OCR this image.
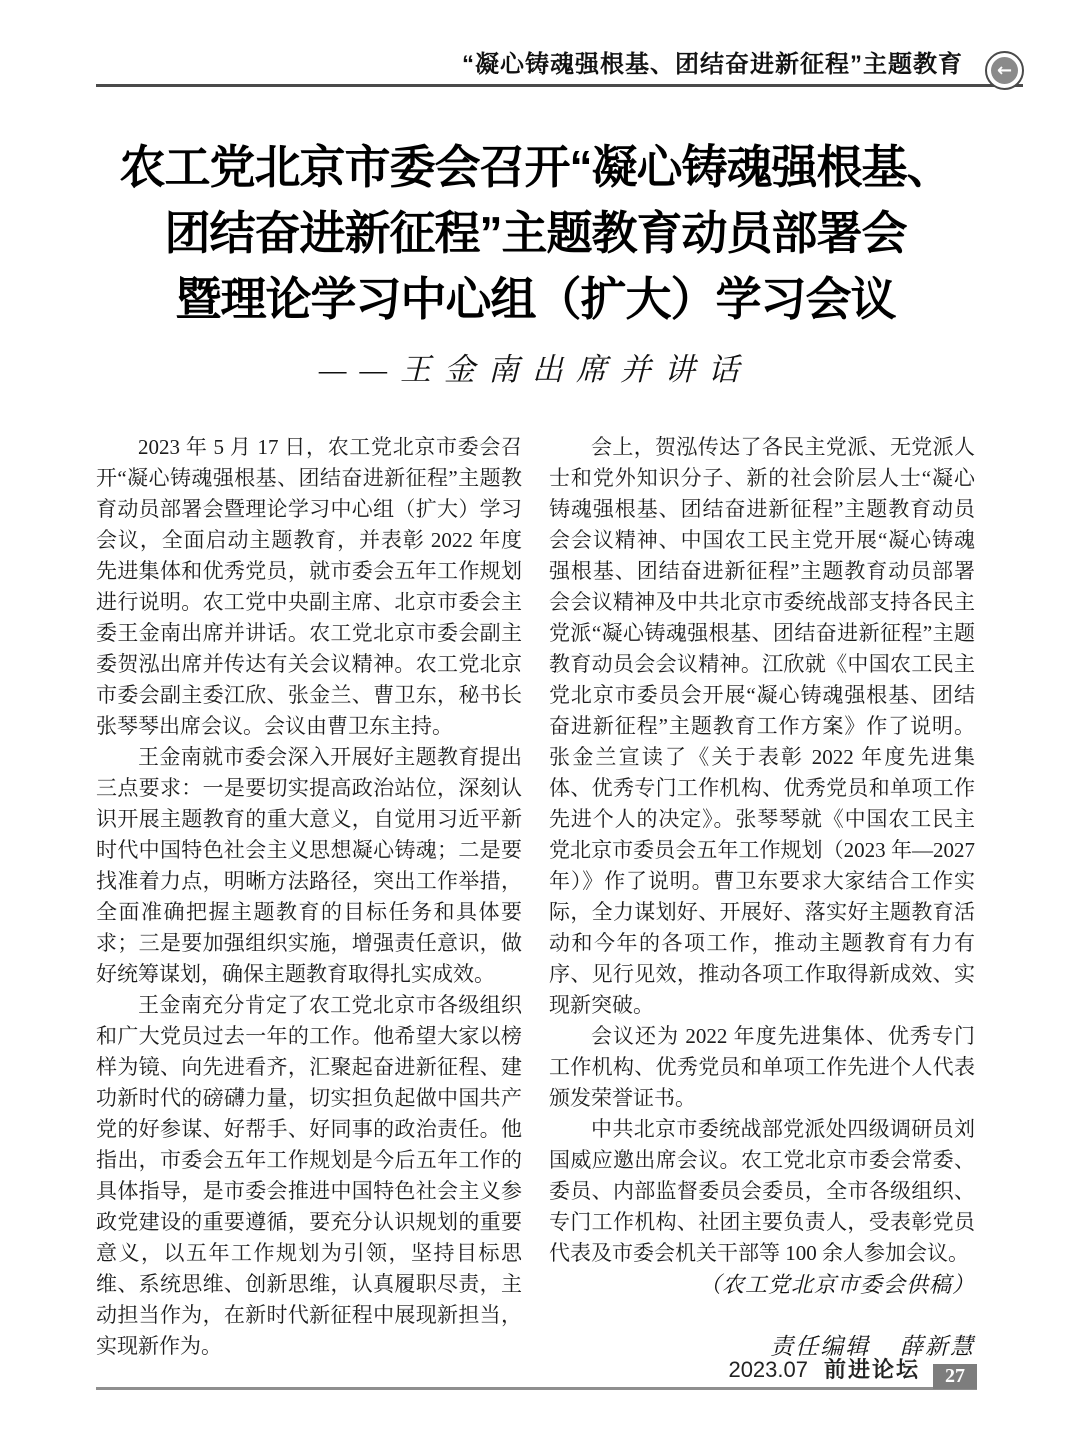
“凝心铸魂强根基、团结奋进新征程”主题教育	←
农工党北京市委会召开“凝心铸魂强根基、
团结奋进新征程”主题教育动员部署会
暨理论学习中心组（扩大）学习会议
——王金南出席并讲话

2023 年 5 月 17 日，农工党北京市委会召开“凝心铸魂强根基、团结奋进新征程”主题教育动员部署会暨理论学习中心组（扩大）学习会议，全面启动主题教育，并表彰 2022 年度先进集体和优秀党员，就市委会五年工作规划进行说明。农工党中央副主席、北京市委会主委王金南出席并讲话。农工党北京市委会副主委贺泓出席并传达有关会议精神。农工党北京市委会副主委江欣、张金兰、曹卫东，秘书长张琴琴出席会议。会议由曹卫东主持。

王金南就市委会深入开展好主题教育提出三点要求：一是要切实提高政治站位，深刻认识开展主题教育的重大意义，自觉用习近平新时代中国特色社会主义思想凝心铸魂；二是要找准着力点，明晰方法路径，突出工作举措，全面准确把握主题教育的目标任务和具体要求；三是要加强组织实施，增强责任意识，做好统筹谋划，确保主题教育取得扎实成效。

王金南充分肯定了农工党北京市各级组织和广大党员过去一年的工作。他希望大家以榜样为镜、向先进看齐，汇聚起奋进新征程、建功新时代的磅礴力量，切实担负起做中国共产党的好参谋、好帮手、好同事的政治责任。他指出，市委会五年工作规划是今后五年工作的具体指导，是市委会推进中国特色社会主义参政党建设的重要遵循，要充分认识规划的重要意义，以五年工作规划为引领，坚持目标思维、系统思维、创新思维，认真履职尽责，主动担当作为，在新时代新征程中展现新担当，实现新作为。

会上，贺泓传达了各民主党派、无党派人士和党外知识分子、新的社会阶层人士“凝心铸魂强根基、团结奋进新征程”主题教育动员会会议精神、中国农工民主党开展“凝心铸魂强根基、团结奋进新征程”主题教育动员部署会会议精神及中共北京市委统战部支持各民主党派“凝心铸魂强根基、团结奋进新征程”主题教育动员会会议精神。江欣就《中国农工民主党北京市委员会开展“凝心铸魂强根基、团结奋进新征程”主题教育工作方案》作了说明。张金兰宣读了《关于表彰 2022 年度先进集体、优秀专门工作机构、优秀党员和单项工作先进个人的决定》。张琴琴就《中国农工民主党北京市委员会五年工作规划（2023 年—2027 年）》作了说明。曹卫东要求大家结合工作实际，全力谋划好、开展好、落实好主题教育活动和今年的各项工作，推动主题教育有力有序、见行见效，推动各项工作取得新成效、实现新突破。

会议还为 2022 年度先进集体、优秀专门工作机构、优秀党员和单项工作先进个人代表颁发荣誉证书。

中共北京市委统战部党派处四级调研员刘国威应邀出席会议。农工党北京市委会常委、委员、内部监督委员会委员，全市各级组织、专门工作机构、社团主要负责人，受表彰党员代表及市委会机关干部等 100 余人参加会议。

（农工党北京市委会供稿）
责任编辑 薛新慧
2023.07 前进论坛	27
